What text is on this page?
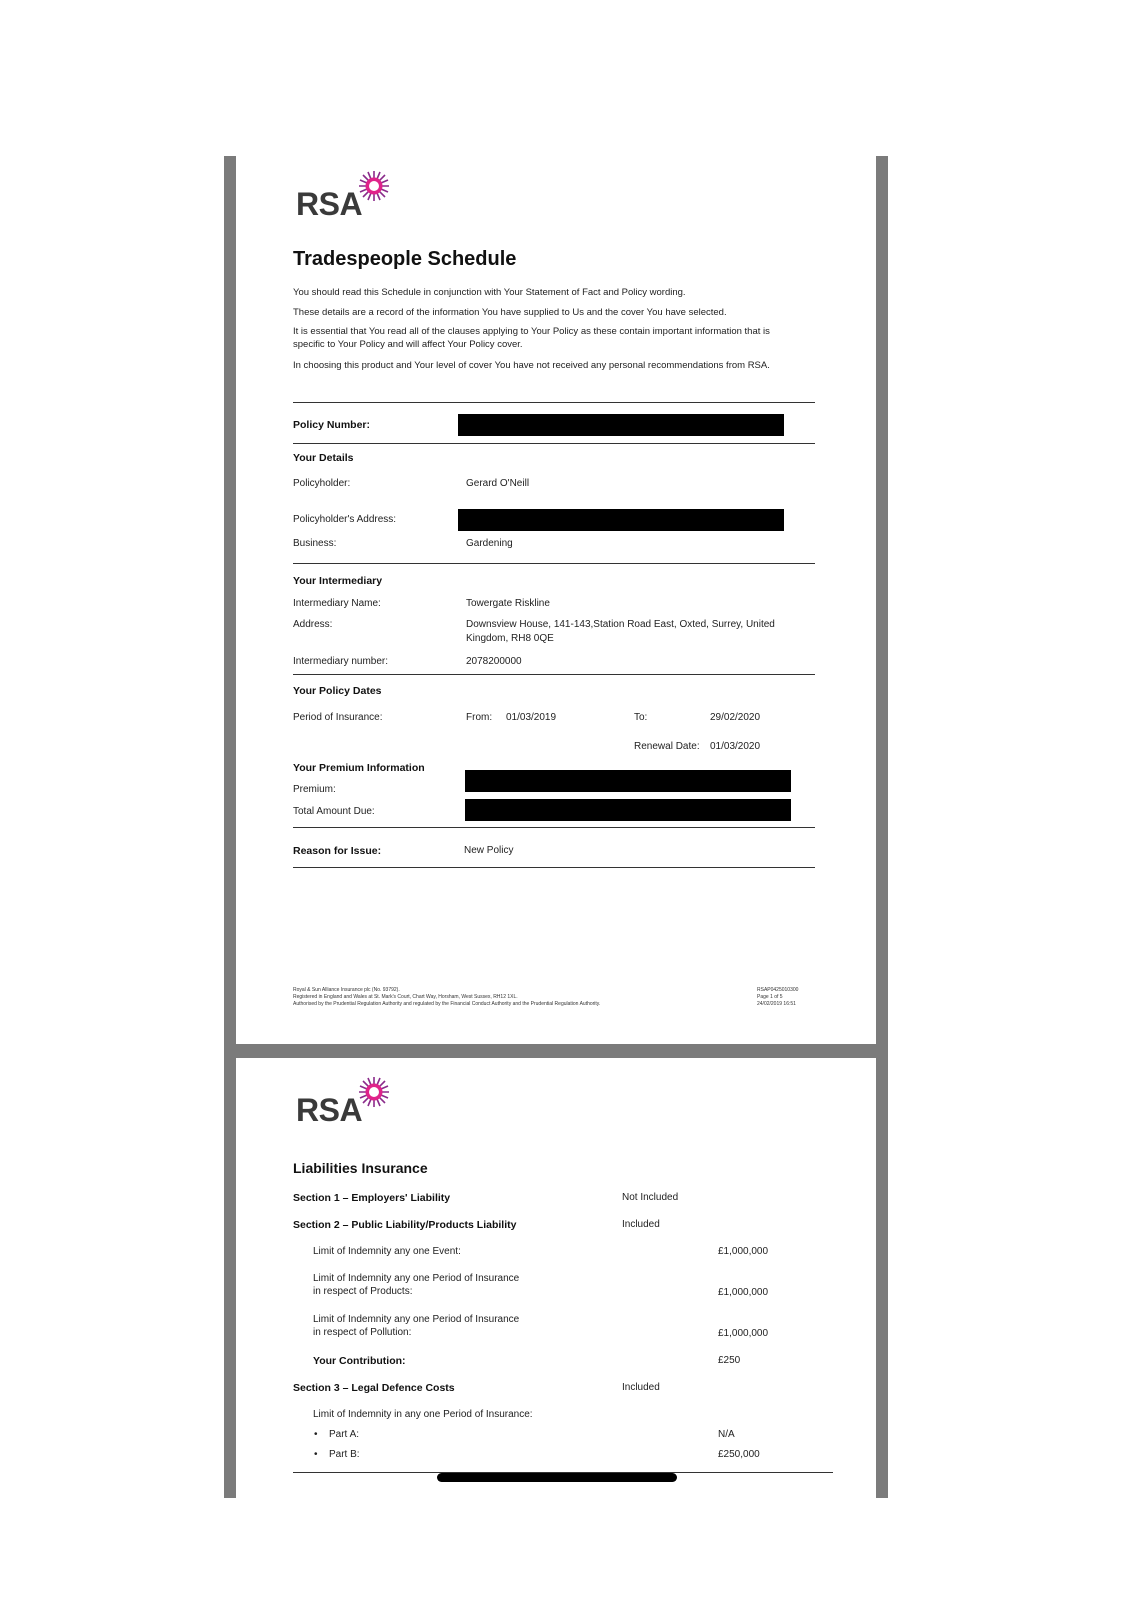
RSA
Tradespeople Schedule
You should read this Schedule in conjunction with Your Statement of Fact and Policy wording.
These details are a record of the information You have supplied to Us and the cover You have selected.
It is essential that You read all of the clauses applying to Your Policy as these contain important information that is specific to Your Policy and will affect Your Policy cover.
In choosing this product and Your level of cover You have not received any personal recommendations from RSA.
Policy Number:
Your Details
Policyholder:	Gerard O'Neill
Policyholder's Address:
Business:	Gardening
Your Intermediary
Intermediary Name:	Towergate Riskline
Address:	Downsview House, 141-143,Station Road East, Oxted, Surrey, United
Kingdom, RH8 0QE
Intermediary number:	2078200000
Your Policy Dates
Period of Insurance:	From: 01/03/2019	To:	29/02/2020
Renewal Date: 01/03/2020
Your Premium Information
Premium:
Total Amount Due:
Reason for Issue:	New Policy
Royal & Sun Alliance Insurance plc (No. 93792).
Registered in England and Wales at St. Mark's Court, Chart Way, Horsham, West Sussex, RH12 1XL.
Authorised by the Prudential Regulation Authority and regulated by the Financial Conduct Authority and the Prudential Regulation Authority.
RSAP0425010300
Page 1 of 5
24/02/2019 16:51
RSA
Liabilities Insurance
Section 1 – Employers' Liability	Not Included
Section 2 – Public Liability/Products Liability	Included
Limit of Indemnity any one Event:	£1,000,000
Limit of Indemnity any one Period of Insurance
in respect of Products:	£1,000,000
Limit of Indemnity any one Period of Insurance
in respect of Pollution:	£1,000,000
Your Contribution:	£250
Section 3 – Legal Defence Costs	Included
Limit of Indemnity in any one Period of Insurance:
• Part A:	N/A
• Part B:	£250,000
